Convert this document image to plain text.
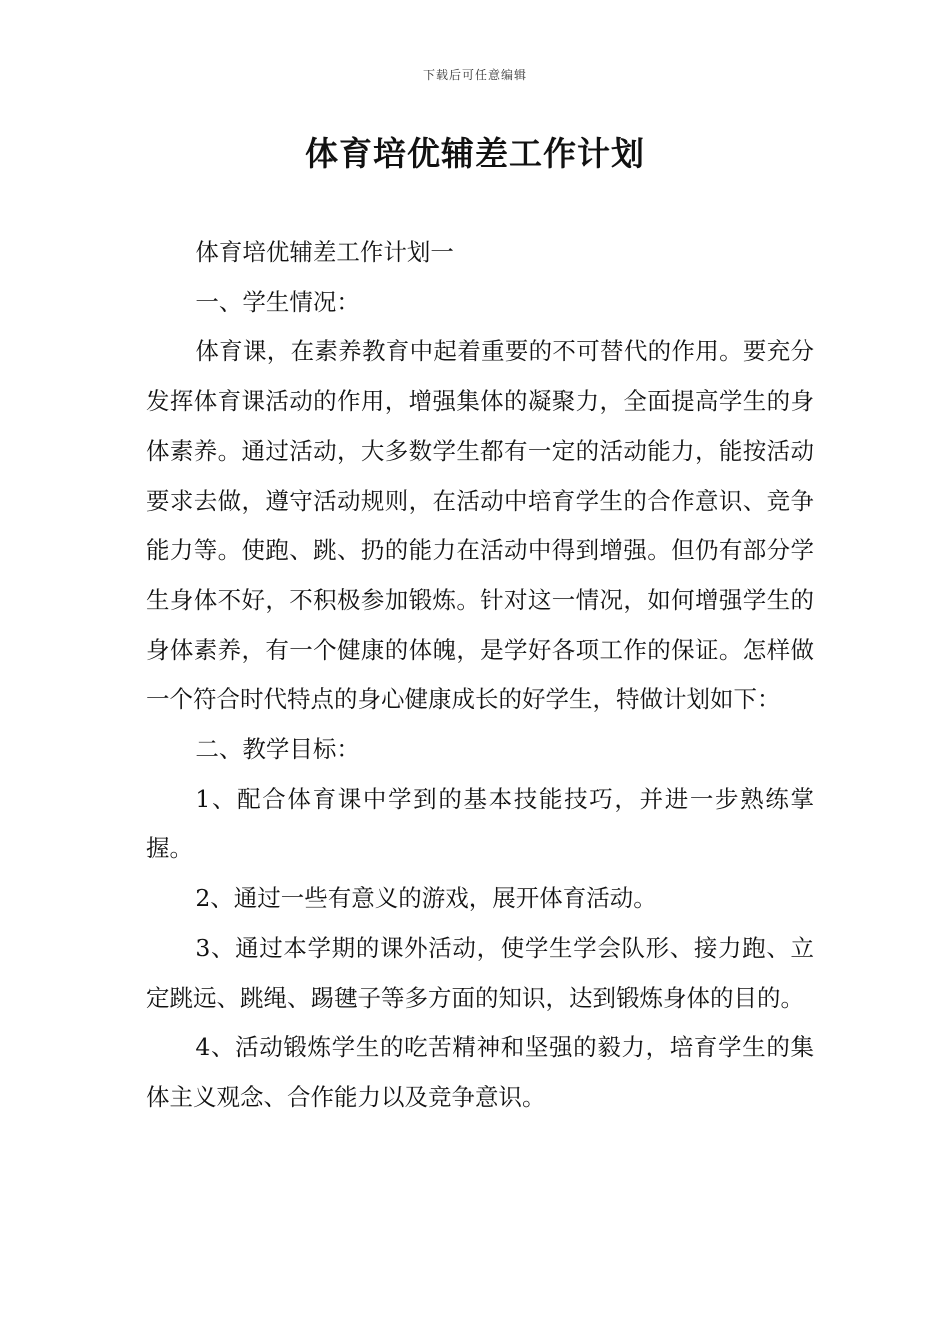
下载后可任意编辑
体育培优辅差工作计划

体育培优辅差工作计划一

一、学生情况：

体育课，在素养教育中起着重要的不可替代的作用。要充分发挥体育课活动的作用，增强集体的凝聚力，全面提高学生的身体素养。通过活动，大多数学生都有一定的活动能力，能按活动要求去做，遵守活动规则，在活动中培育学生的合作意识、竞争能力等。使跑、跳、扔的能力在活动中得到增强。但仍有部分学生身体不好，不积极参加锻炼。针对这一情况，如何增强学生的身体素养，有一个健康的体魄，是学好各项工作的保证。怎样做一个符合时代特点的身心健康成长的好学生，特做计划如下：

二、教学目标：

1、配合体育课中学到的基本技能技巧，并进一步熟练掌握。

2、通过一些有意义的游戏，展开体育活动。

3、通过本学期的课外活动，使学生学会队形、接力跑、立定跳远、跳绳、踢毽子等多方面的知识，达到锻炼身体的目的。

4、活动锻炼学生的吃苦精神和坚强的毅力，培育学生的集体主义观念、合作能力以及竞争意识。
